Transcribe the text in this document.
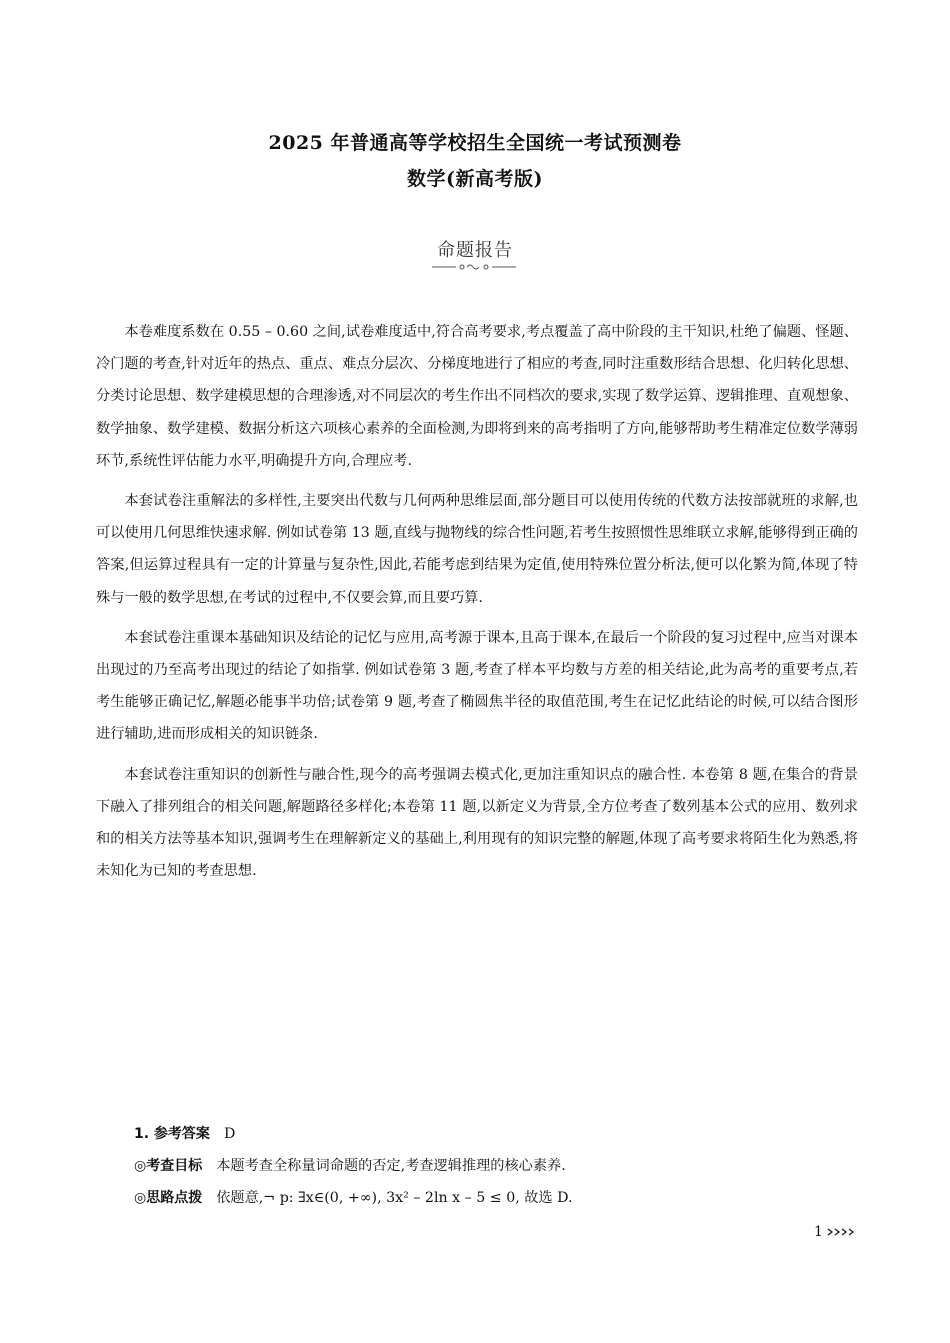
2025 年普通高等学校招生全国统一考试预测卷
数学(新高考版)
命题报告

本卷难度系数在 0.55 – 0.60 之间,试卷难度适中,符合高考要求,考点覆盖了高中阶段的主干知识,杜绝了偏题、怪题、冷门题的考查,针对近年的热点、重点、难点分层次、分梯度地进行了相应的考查,同时注重数形结合思想、化归转化思想、分类讨论思想、数学建模思想的合理渗透,对不同层次的考生作出不同档次的要求,实现了数学运算、逻辑推理、直观想象、数学抽象、数学建模、数据分析这六项核心素养的全面检测,为即将到来的高考指明了方向,能够帮助考生精准定位数学薄弱环节,系统性评估能力水平,明确提升方向,合理应考.

本套试卷注重解法的多样性,主要突出代数与几何两种思维层面,部分题目可以使用传统的代数方法按部就班的求解,也可以使用几何思维快速求解. 例如试卷第 13 题,直线与抛物线的综合性问题,若考生按照惯性思维联立求解,能够得到正确的答案,但运算过程具有一定的计算量与复杂性,因此,若能考虑到结果为定值,使用特殊位置分析法,便可以化繁为简,体现了特殊与一般的数学思想,在考试的过程中,不仅要会算,而且要巧算.

本套试卷注重课本基础知识及结论的记忆与应用,高考源于课本,且高于课本,在最后一个阶段的复习过程中,应当对课本出现过的乃至高考出现过的结论了如指掌. 例如试卷第 3 题,考查了样本平均数与方差的相关结论,此为高考的重要考点,若考生能够正确记忆,解题必能事半功倍;试卷第 9 题,考查了椭圆焦半径的取值范围,考生在记忆此结论的时候,可以结合图形进行辅助,进而形成相关的知识链条.

本套试卷注重知识的创新性与融合性,现今的高考强调去模式化,更加注重知识点的融合性. 本卷第 8 题,在集合的背景下融入了排列组合的相关问题,解题路径多样化;本卷第 11 题,以新定义为背景,全方位考查了数列基本公式的应用、数列求和的相关方法等基本知识,强调考生在理解新定义的基础上,利用现有的知识完整的解题,体现了高考要求将陌生化为熟悉,将未知化为已知的考查思想.

1. 参考答案 D
◎考查目标 本题考查全称量词命题的否定,考查逻辑推理的核心素养.
◎思路点拨 依题意,¬ p: ∃x∈(0, +∞), 3x² – 2ln x – 5 ≤ 0, 故选 D.
1
